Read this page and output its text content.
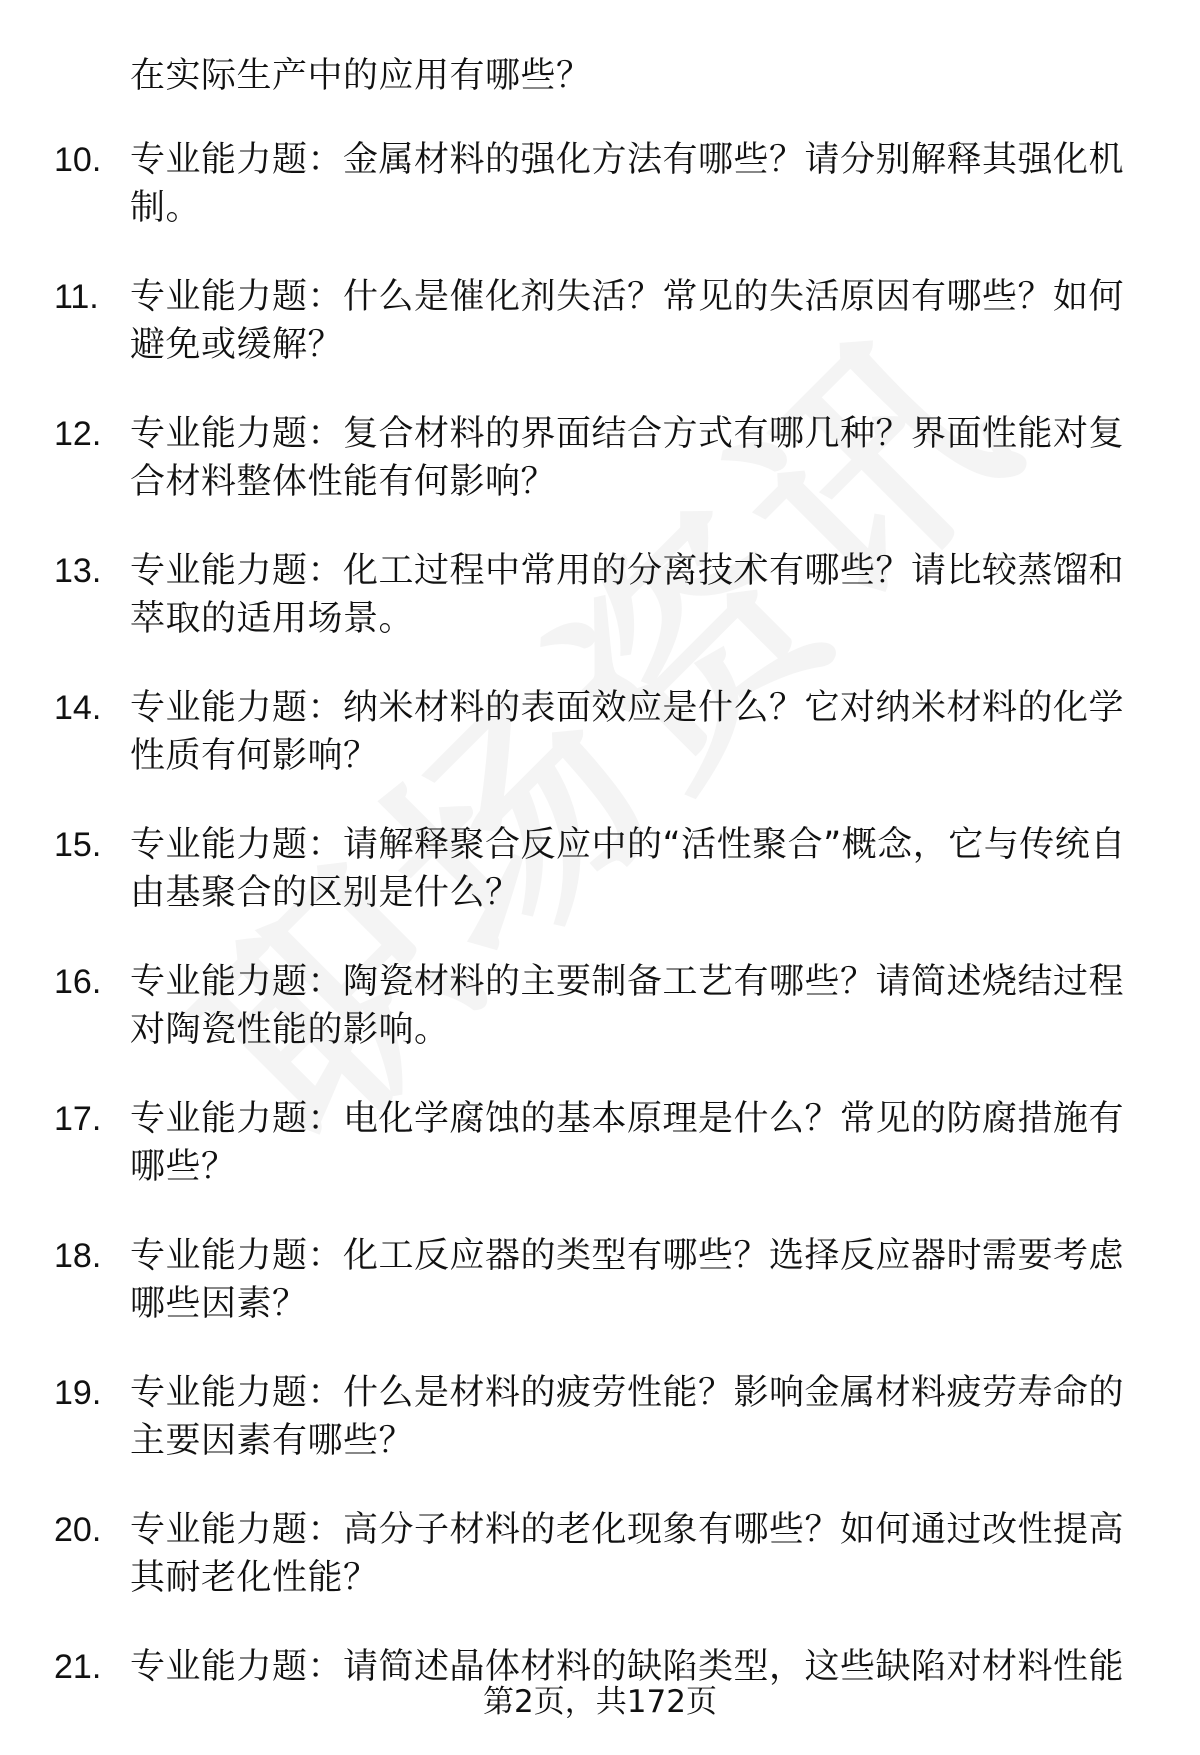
在实际生产中的应用有哪些？
10. 专业能力题：金属材料的强化方法有哪些？请分别解释其强化机制。
11. 专业能力题：什么是催化剂失活？常见的失活原因有哪些？如何避免或缓解？
12. 专业能力题：复合材料的界面结合方式有哪几种？界面性能对复合材料整体性能有何影响？
13. 专业能力题：化工过程中常用的分离技术有哪些？请比较蒸馏和萃取的适用场景。
14. 专业能力题：纳米材料的表面效应是什么？它对纳米材料的化学性质有何影响？
15. 专业能力题：请解释聚合反应中的“活性聚合”概念，它与传统自由基聚合的区别是什么？
16. 专业能力题：陶瓷材料的主要制备工艺有哪些？请简述烧结过程对陶瓷性能的影响。
17. 专业能力题：电化学腐蚀的基本原理是什么？常见的防腐措施有哪些？
18. 专业能力题：化工反应器的类型有哪些？选择反应器时需要考虑哪些因素？
19. 专业能力题：什么是材料的疲劳性能？影响金属材料疲劳寿命的主要因素有哪些？
20. 专业能力题：高分子材料的老化现象有哪些？如何通过改性提高其耐老化性能？
21. 专业能力题：请简述晶体材料的缺陷类型，这些缺陷对材料性能
第2页，共172页
